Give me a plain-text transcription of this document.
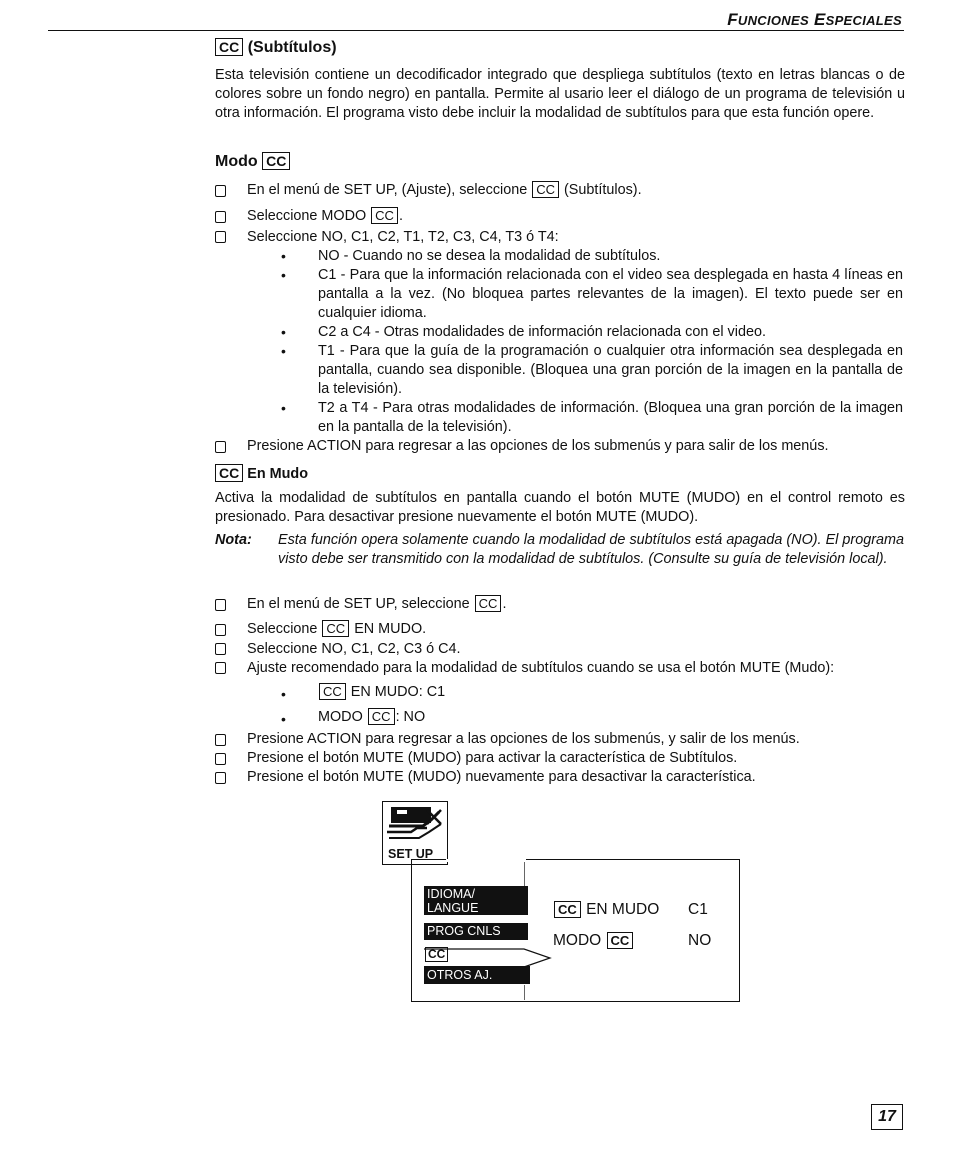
FUNCIONES ESPECIALES
CC (Subtítulos)
Esta televisión contiene un decodificador integrado que despliega subtítulos (texto en letras blancas o de colores sobre un fondo negro) en pantalla. Permite al usario leer el diálogo de un programa de televisión u otra información. El programa visto debe incluir la modalidad de subtítulos para que esta función opere.
Modo CC
En el menú de SET UP, (Ajuste), seleccione CC (Subtítulos).
Seleccione MODO CC .
Seleccione NO, C1, C2, T1, T2, C3, C4, T3 ó T4:
• NO - Cuando no se desea la modalidad de subtítulos.
• C1 - Para que la información relacionada con el video sea desplegada en hasta 4 líneas en pantalla a la vez. (No bloquea partes relevantes de la imagen). El texto puede ser en cualquier idioma.
• C2 a C4 - Otras modalidades de información relacionada con el video.
• T1 - Para que la guía de la programación o cualquier otra información sea desplegada en pantalla, cuando sea disponible. (Bloquea una gran porción de la imagen en la pantalla de la televisión).
• T2 a T4 - Para otras modalidades de información. (Bloquea una gran porción de la imagen en la pantalla de la televisión).
Presione ACTION para regresar a las opciones de los submenús y para salir de los menús.
CC En Mudo
Activa la modalidad de subtítulos en pantalla cuando el botón MUTE (MUDO) en el control remoto es presionado. Para desactivar presione nuevamente el botón MUTE (MUDO).
Nota: Esta función opera solamente cuando la modalidad de subtítulos está apagada (NO). El programa visto debe ser transmitido con la modalidad de subtítulos. (Consulte su guía de televisión local).
En el menú de SET UP, seleccione CC .
Seleccione CC EN MUDO.
Seleccione NO, C1, C2, C3 ó C4.
Ajuste recomendado para la modalidad de subtítulos cuando se usa el botón MUTE (Mudo):
•	CC EN MUDO: C1
• MODO CC : NO
Presione ACTION para regresar a las opciones de los submenús, y salir de los menús.
Presione el botón MUTE (MUDO) para activar la característica de Subtítulos.
Presione el botón MUTE (MUDO) nuevamente para desactivar la característica.
SET UP
IDIOMA/
LANGUE
PROG CNLS
CC
OTROS AJ.
CC EN MUDO C1
MODO CC	NO
17
